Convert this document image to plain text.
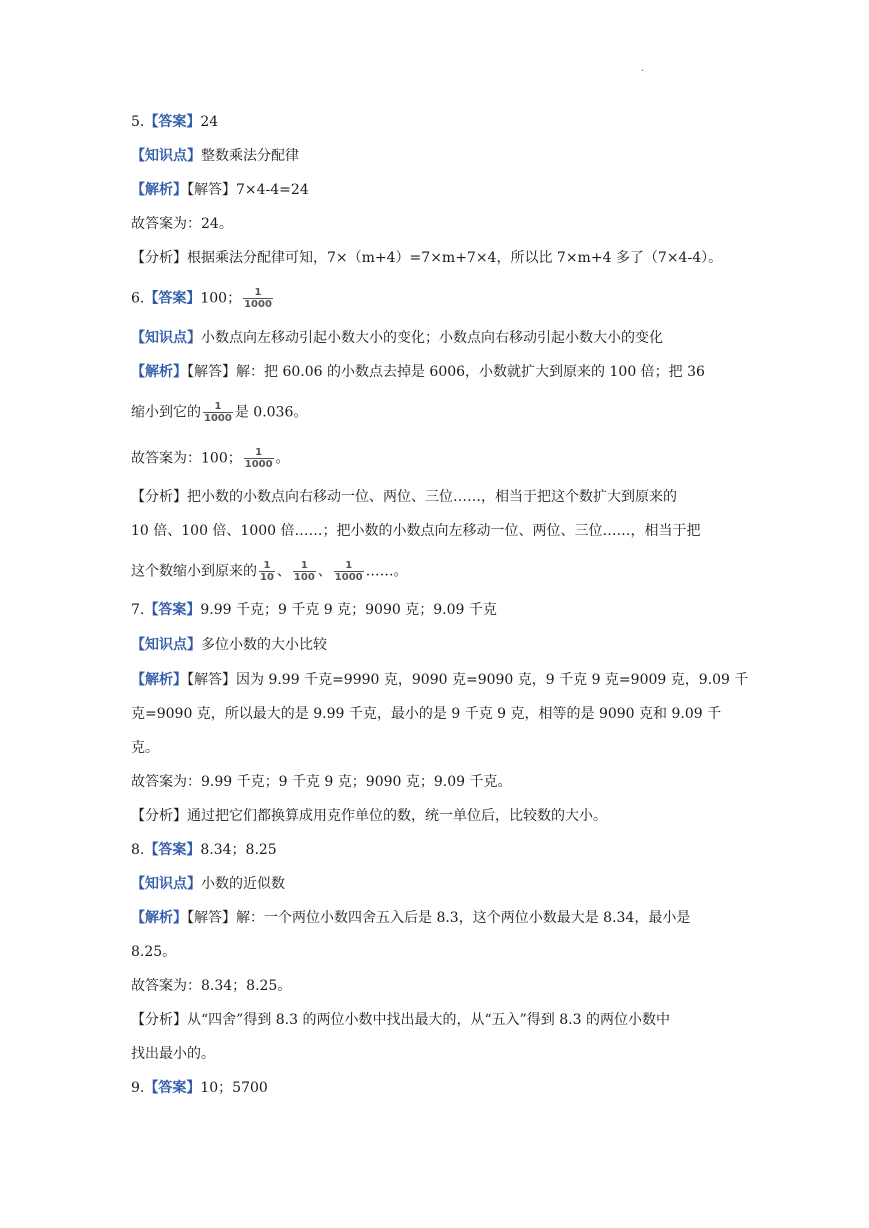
·
5.【答案】24
【知识点】整数乘法分配律
【解析】【解答】7×4-4=24
故答案为：24。
【分析】根据乘法分配律可知，7×（m+4）=7×m+7×4，所以比 7×m+4 多了（7×4-4）。
6.【答案】100； $\frac{1}{1000}$
【知识点】小数点向左移动引起小数大小的变化；小数点向右移动引起小数大小的变化
【解析】【解答】解：把 60.06 的小数点去掉是 6006，小数就扩大到原来的 100 倍；把 36
缩小到它的 $\frac{1}{1000}$ 是 0.036。
故答案为：100； $\frac{1}{1000}$ 。
【分析】把小数的小数点向右移动一位、两位、三位……，相当于把这个数扩大到原来的
10 倍、100 倍、1000 倍……；把小数的小数点向左移动一位、两位、三位……，相当于把
这个数缩小到原来的 $\frac{1}{10}$ 、 $\frac{1}{100}$ 、 $\frac{1}{1000}$ ……。
7.【答案】9.99 千克；9 千克 9 克；9090 克；9.09 千克
【知识点】多位小数的大小比较
【解析】【解答】因为 9.99 千克=9990 克，9090 克=9090 克，9 千克 9 克=9009 克，9.09 千
克=9090 克，所以最大的是 9.99 千克，最小的是 9 千克 9 克，相等的是 9090 克和 9.09 千
克。
故答案为：9.99 千克；9 千克 9 克；9090 克；9.09 千克。
【分析】通过把它们都换算成用克作单位的数，统一单位后，比较数的大小。
8.【答案】8.34；8.25
【知识点】小数的近似数
【解析】【解答】解：一个两位小数四舍五入后是 8.3，这个两位小数最大是 8.34，最小是
8.25。
故答案为：8.34；8.25。
【分析】从“四舍”得到 8.3 的两位小数中找出最大的，从“五入”得到 8.3 的两位小数中
找出最小的。
9.【答案】10；5700
